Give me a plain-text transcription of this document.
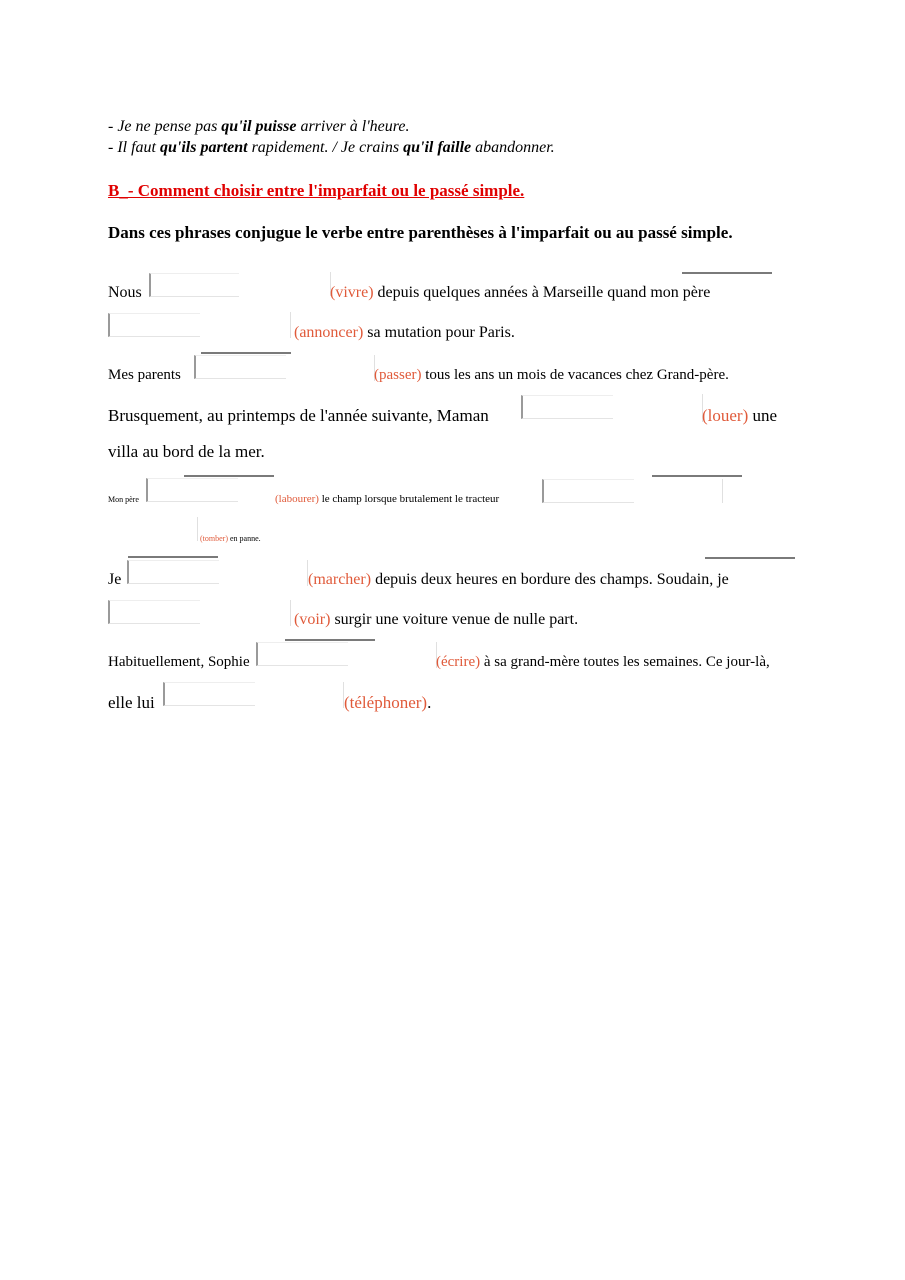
- Je ne pense pas qu'il puisse arriver à l'heure.
- Il faut qu'ils partent rapidement. / Je crains qu'il faille abandonner.
B_- Comment choisir entre l'imparfait ou le passé simple.
Dans ces phrases conjugue le verbe entre parenthèses à l'imparfait ou au passé simple.
Nous	(vivre) depuis quelques années à Marseille quand mon père
(annoncer) sa mutation pour Paris.
Mes parents	(passer) tous les ans un mois de vacances chez Grand-père.
Brusquement, au printemps de l'année suivante, Maman	(louer) une
villa au bord de la mer.
Mon père	(labourer) le champ lorsque brutalement le tracteur
(tomber) en panne.
Je	(marcher) depuis deux heures en bordure des champs. Soudain, je
(voir) surgir une voiture venue de nulle part.
Habituellement, Sophie	(écrire) à sa grand-mère toutes les semaines. Ce jour-là,
elle lui	(téléphoner).
